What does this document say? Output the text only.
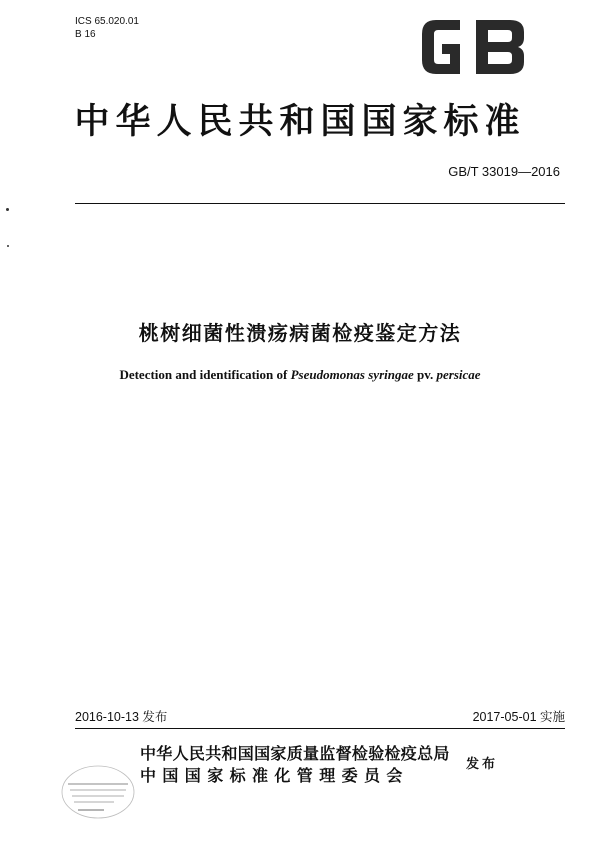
ICS 65.020.01
B 16
GB
中华人民共和国国家标准
GB/T 33019—2016
桃树细菌性溃疡病菌检疫鉴定方法
Detection and identification of Pseudomonas syringae pv. persicae
2016-10-13 发布	2017-05-01 实施
中华人民共和国国家质量监督检验检疫总局
中国国家标准化管理委员会
发布
